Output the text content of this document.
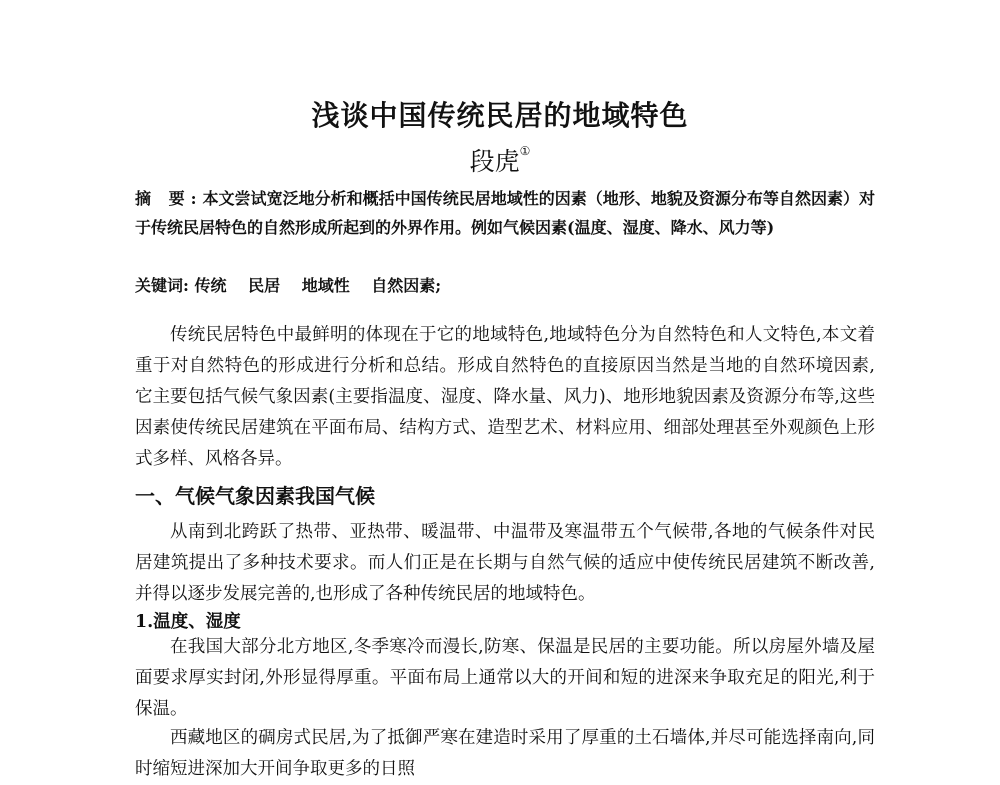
浅谈中国传统民居的地域特色
段虎①
摘 要:本文尝试宽泛地分析和概括中国传统民居地域性的因素（地形、地貌及资源分布等自然因素）对于传统民居特色的自然形成所起到的外界作用。例如气候因素(温度、湿度、降水、风力等)
关键词: 传统 民居 地域性 自然因素;

传统民居特色中最鲜明的体现在于它的地域特色,地域特色分为自然特色和人文特色,本文着重于对自然特色的形成进行分析和总结。形成自然特色的直接原因当然是当地的自然环境因素,它主要包括气候气象因素(主要指温度、湿度、降水量、风力)、地形地貌因素及资源分布等,这些因素使传统民居建筑在平面布局、结构方式、造型艺术、材料应用、细部处理甚至外观颜色上形式多样、风格各异。

一、气候气象因素我国气候

从南到北跨跃了热带、亚热带、暖温带、中温带及寒温带五个气候带,各地的气候条件对民居建筑提出了多种技术要求。而人们正是在长期与自然气候的适应中使传统民居建筑不断改善,并得以逐步发展完善的,也形成了各种传统民居的地域特色。

1.温度、湿度

在我国大部分北方地区,冬季寒冷而漫长,防寒、保温是民居的主要功能。所以房屋外墙及屋面要求厚实封闭,外形显得厚重。平面布局上通常以大的开间和短的进深来争取充足的阳光,利于保温。

西藏地区的碉房式民居,为了抵御严寒在建造时采用了厚重的土石墙体,并尽可能选择南向,同时缩短进深加大开间争取更多的日照
